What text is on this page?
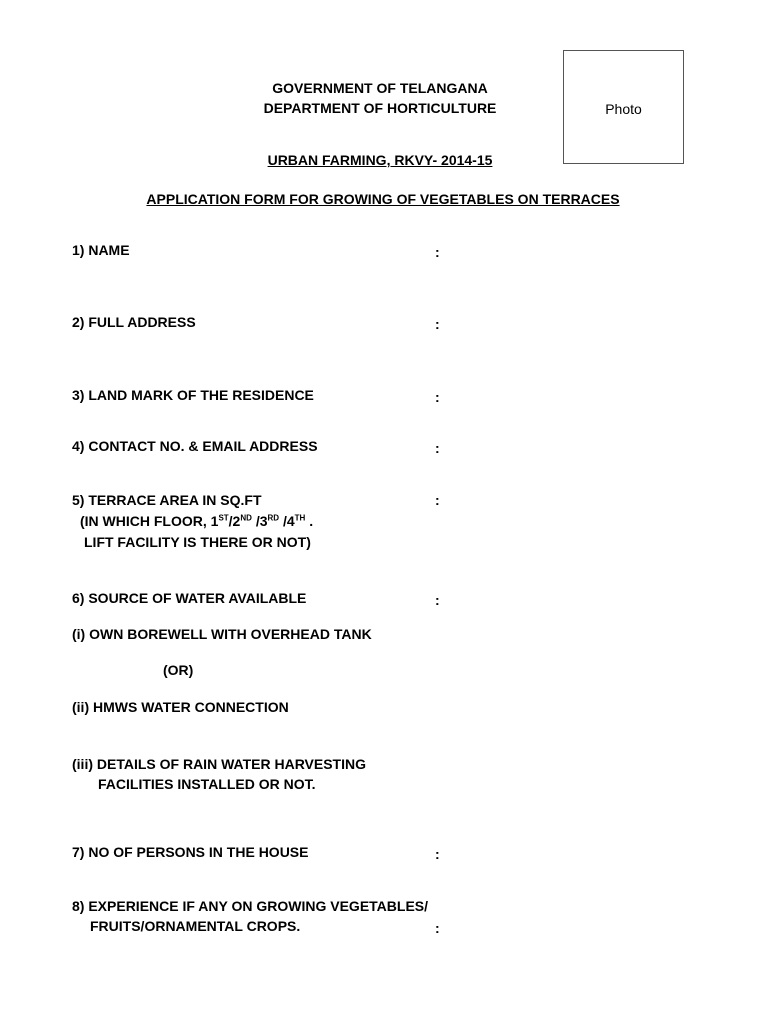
GOVERNMENT OF TELANGANA
DEPARTMENT OF HORTICULTURE
URBAN FARMING, RKVY- 2014-15
APPLICATION FORM FOR GROWING OF VEGETABLES ON TERRACES
Photo
1) NAME	:
2) FULL ADDRESS	:
3) LAND MARK OF THE RESIDENCE	:
4) CONTACT NO. & EMAIL ADDRESS	:
5) TERRACE AREA IN SQ.FT	:
(IN WHICH FLOOR, 1ST/2ND /3RD /4TH .
LIFT FACILITY IS THERE OR NOT)
6) SOURCE OF WATER AVAILABLE	:
(i) OWN BOREWELL WITH OVERHEAD TANK
(OR)
(ii) HMWS WATER CONNECTION
(iii) DETAILS OF RAIN WATER HARVESTING
FACILITIES INSTALLED OR NOT.
7) NO OF PERSONS IN THE HOUSE	:
8) EXPERIENCE IF ANY ON GROWING VEGETABLES/
FRUITS/ORNAMENTAL CROPS.	:
